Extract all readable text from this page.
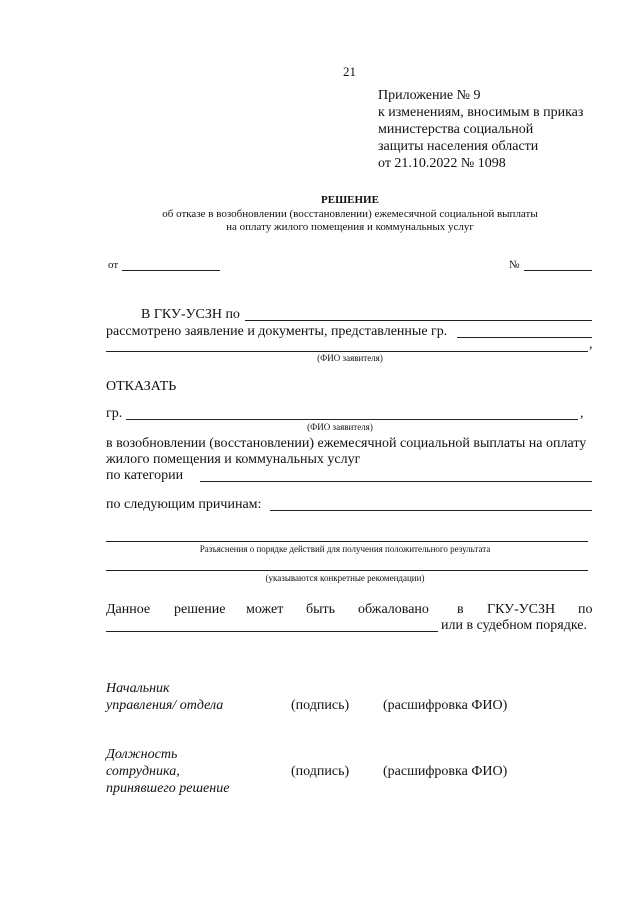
21
Приложение № 9
к изменениям, вносимым в приказ
министерства социальной
защиты населения области
от 21.10.2022 № 1098
РЕШЕНИЕ
об отказе в возобновлении (восстановлении) ежемесячной социальной выплаты
на оплату жилого помещения и коммунальных услуг
от	№
В ГКУ-УСЗН по
рассмотрено заявление и документы, представленные гр.
,
(ФИО заявителя)
ОТКАЗАТЬ
гр.	,
(ФИО заявителя)
в возобновлении (восстановлении) ежемесячной социальной выплаты на оплату
жилого помещения и коммунальных услуг
по категории
по следующим причинам:
Разъяснения о порядке действий для получения положительного результата
(указываются конкретные рекомендации)
Данное решение может быть обжаловано в ГКУ-УСЗН по
или в судебном порядке.
Начальник
управления/ отдела	(подпись) (расшифровка ФИО)
Должность
сотрудника,
принявшего решение
(подпись) (расшифровка ФИО)
